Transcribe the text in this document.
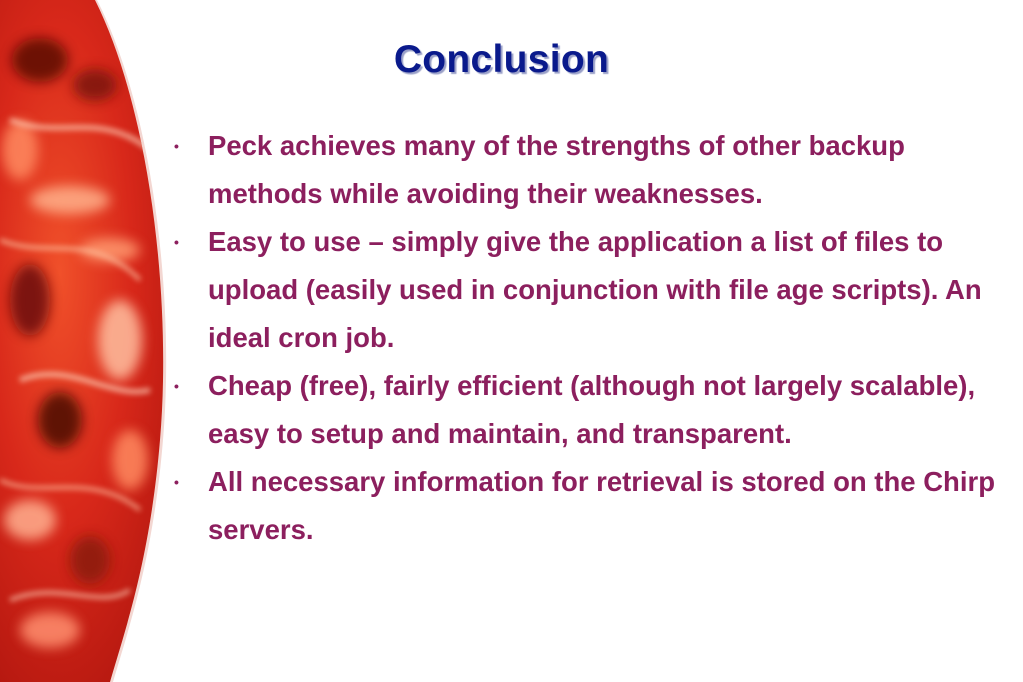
Conclusion
• Peck achieves many of the strengths of other backup methods while avoiding their weaknesses.
• Easy to use – simply give the application a list of files to upload (easily used in conjunction with file age scripts). An ideal cron job.
• Cheap (free), fairly efficient (although not largely scalable), easy to setup and maintain, and transparent.
• All necessary information for retrieval is stored on the Chirp servers.
